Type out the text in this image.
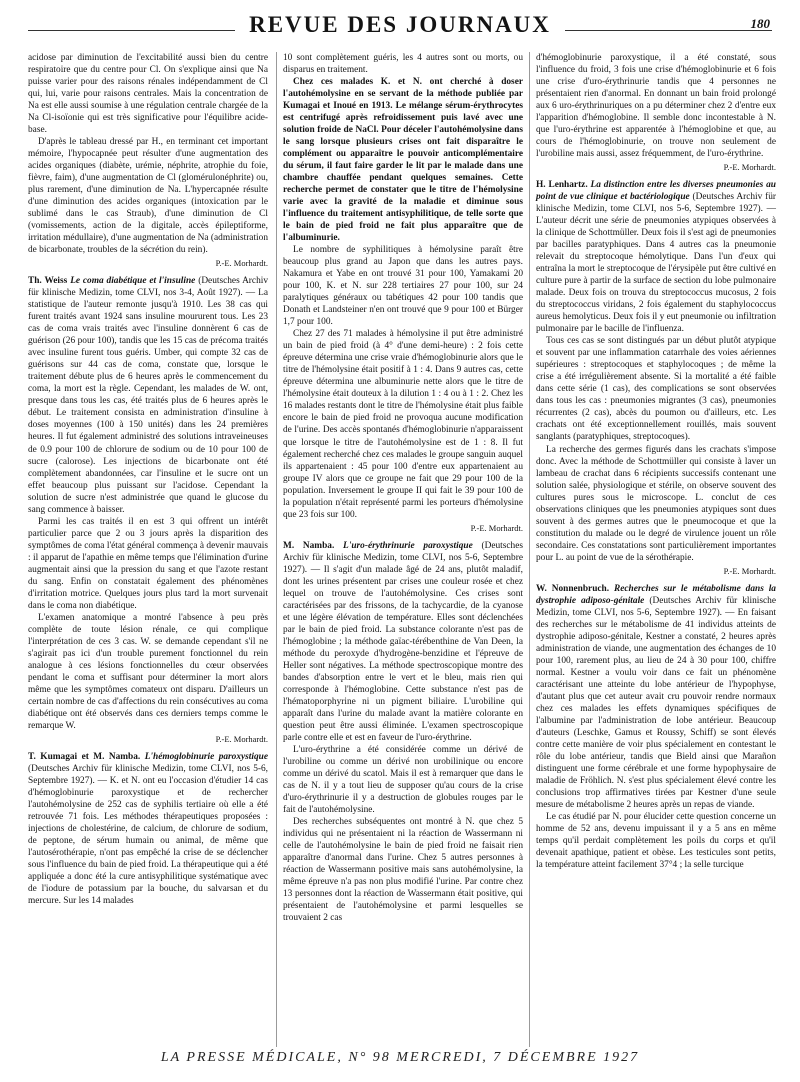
REVUE DES JOURNAUX	180

acidose par diminution de l'excitabilité aussi bien du centre respiratoire que du centre pour Cl. On s'explique ainsi que Na puisse varier pour des raisons rénales indépendamment de Cl qui, lui, varie pour raisons centrales. Mais la concentration de Na est elle aussi soumise à une régulation centrale chargée de la Na Cl-isoïonie qui est très significative pour l'équilibre acide-base.

D'après le tableau dressé par H., en terminant cet important mémoire, l'hypocapnée peut résulter d'une augmentation des acides organiques (diabète, urémie, néphrite, atrophie du foie, fièvre, faim), d'une augmentation de Cl (glomérulonéphrite) ou, plus rarement, d'une diminution de Na. L'hypercapnée résulte d'une diminution des acides organiques (intoxication par le sublimé dans le cas Straub), d'une diminution de Cl (vomissements, action de la digitale, accès épileptiforme, irritation médullaire), d'une augmentation de Na (administration de bicarbonate, troubles de la sécrétion du rein).

P.-E. Morhardt.

Th. Weiss Le coma diabétique et l'insuline (Deutsches Archiv für klinische Medizin, tome CLVI, nos 3-4, Août 1927). — La statistique de l'auteur remonte jusqu'à 1910. Les 38 cas qui furent traités avant 1924 sans insuline moururent tous. Les 23 cas de coma vrais traités avec l'insuline donnèrent 6 cas de guérison (26 pour 100), tandis que les 15 cas de précoma traités avec insuline furent tous guéris. Umber, qui compte 32 cas de guérisons sur 44 cas de coma, constate que, lorsque le traitement débute plus de 6 heures après le commencement du coma, la mort est la règle. Cependant, les malades de W. ont, presque dans tous les cas, été traités plus de 6 heures après le début. Le traitement consista en administration d'insuline à doses moyennes (100 à 150 unités) dans les 24 premières heures. Il fut également administré des solutions intraveineuses de 0.9 pour 100 de chlorure de sodium ou de 10 pour 100 de sucre (calorose). Les injections de bicarbonate ont été complètement abandonnées, car l'insuline et le sucre ont un effet beaucoup plus puissant sur l'acidose. Cependant la solution de sucre n'est administrée que quand le glucose du sang commence à baisser.

Parmi les cas traités il en est 3 qui offrent un intérêt particulier parce que 2 ou 3 jours après la disparition des symptômes de coma l'état général commença à devenir mauvais : il apparut de l'apathie en même temps que l'élimination d'urine augmentait ainsi que la pression du sang et que l'azote restant du sang. Enfin on constatait également des phénomènes d'irritation motrice. Quelques jours plus tard la mort survenait dans le coma non diabétique.

L'examen anatomique a montré l'absence à peu près complète de toute lésion rénale, ce qui complique l'interprétation de ces 3 cas. W. se demande cependant s'il ne s'agirait pas ici d'un trouble purement fonctionnel du rein analogue à ces lésions fonctionnelles du cœur observées pendant le coma et suffisant pour déterminer la mort alors même que les symptômes comateux ont disparu. D'ailleurs un certain nombre de cas d'affections du rein consécutives au coma diabétique ont été observés dans ces derniers temps comme le remarque W.

P.-E. Morhardt.

T. Kumagai et M. Namba. L'hémoglobinurie paroxystique (Deutsches Archiv für klinische Medizin, tome CLVI, nos 5-6, Septembre 1927). — K. et N. ont eu l'occasion d'étudier 14 cas d'hémoglobinurie paroxystique et de rechercher l'autohémolysine de 252 cas de syphilis tertiaire où elle a été retrouvée 71 fois. Les méthodes thérapeutiques proposées : injections de cholestérine, de calcium, de chlorure de sodium, de peptone, de sérum humain ou animal, de même que l'autosérothérapie, n'ont pas empêché la crise de se déclencher sous l'influence du bain de pied froid. La thérapeutique qui a été appliquée a donc été la cure antisyphilitique systématique avec de l'iodure de potassium par la bouche, du salvarsan et du mercure. Sur les 14 malades

10 sont complètement guéris, les 4 autres sont ou morts, ou disparus en traitement.

Chez ces malades K. et N. ont cherché à doser l'autohémolysine en se servant de la méthode publiée par Kumagai et Inoué en 1913. Le mélange sérum-érythrocytes est centrifugé après refroidissement puis lavé avec une solution froide de NaCl. Pour déceler l'autohémolysine dans le sang lorsque plusieurs crises ont fait disparaître le complément ou apparaître le pouvoir anticomplémentaire du sérum, il faut faire garder le lit par le malade dans une chambre chauffée pendant quelques semaines. Cette recherche permet de constater que le titre de l'hémolysine varie avec la gravité de la maladie et diminue sous l'influence du traitement antisyphilitique, de telle sorte que le bain de pied froid ne fait plus apparaître que de l'albuminurie.

Le nombre de syphilitiques à hémolysine paraît être beaucoup plus grand au Japon que dans les autres pays. Nakamura et Yabe en ont trouvé 31 pour 100, Yamakami 20 pour 100, K. et N. sur 228 tertiaires 27 pour 100, sur 24 paralytiques généraux ou tabétiques 42 pour 100 tandis que Donath et Landsteiner n'en ont trouvé que 9 pour 100 et Bürger 1,7 pour 100.

Chez 27 des 71 malades à hémolysine il put être administré un bain de pied froid (à 4° d'une demi-heure) : 2 fois cette épreuve détermina une crise vraie d'hémoglobinurie alors que le titre de l'hémolysine était positif à 1 : 4. Dans 9 autres cas, cette épreuve détermina une albuminurie nette alors que le titre de l'hémolysine était douteux à la dilution 1 : 4 ou à 1 : 2. Chez les 16 malades restants dont le titre de l'hémolysine était plus faible encore le bain de pied froid ne provoqua aucune modification de l'urine. Des accès spontanés d'hémoglobinurie n'apparaissent que lorsque le titre de l'autohémolysine est de 1 : 8. Il fut également recherché chez ces malades le groupe sanguin auquel ils appartenaient : 45 pour 100 d'entre eux appartenaient au groupe IV alors que ce groupe ne fait que 29 pour 100 de la population. Inversement le groupe II qui fait le 39 pour 100 de la population n'était représenté parmi les porteurs d'hémolysine que 23 fois sur 100.

P.-E. Morhardt.

M. Namba. L'uro-érythrinurie paroxystique (Deutsches Archiv für klinische Medizin, tome CLVI, nos 5-6, Septembre 1927). — Il s'agit d'un malade âgé de 24 ans, plutôt maladif, dont les urines présentent par crises une couleur rosée et chez lequel on trouve de l'autohémolysine. Ces crises sont caractérisées par des frissons, de la tachycardie, de la cyanose et une légère élévation de température. Elles sont déclenchées par le bain de pied froid. La substance colorante n'est pas de l'hémoglobine ; la méthode gaïac-térébenthine de Van Deen, la méthode du peroxyde d'hydrogène-benzidine et l'épreuve de Heller sont négatives. La méthode spectroscopique montre des bandes d'absorption entre le vert et le bleu, mais rien qui corresponde à l'hémoglobine. Cette substance n'est pas de l'hématoporphyrine ni un pigment biliaire. L'urobiline qui apparaît dans l'urine du malade avant la matière colorante en question peut être aussi éliminée. L'examen spectroscopique parle contre elle et est en faveur de l'uro-érythrine.

L'uro-érythrine a été considérée comme un dérivé de l'urobiline ou comme un dérivé non urobilinique ou encore comme un dérivé du scatol. Mais il est à remarquer que dans le cas de N. il y a tout lieu de supposer qu'au cours de la crise d'uro-érythrinurie il y a destruction de globules rouges par le fait de l'autohémolysine.

Des recherches subséquentes ont montré à N. que chez 5 individus qui ne présentaient ni la réaction de Wassermann ni celle de l'autohémolysine le bain de pied froid ne faisait rien apparaître d'anormal dans l'urine. Chez 5 autres personnes à réaction de Wassermann positive mais sans autohémolysine, la même épreuve n'a pas non plus modifié l'urine. Par contre chez 13 personnes dont la réaction de Wassermann était positive, qui présentaient de l'autohémolysine et parmi lesquelles se trouvaient 2 cas

d'hémoglobinurie paroxystique, il a été constaté, sous l'influence du froid, 3 fois une crise d'hémoglobinurie et 6 fois une crise d'uro-érythrinurie tandis que 4 personnes ne présentaient rien d'anormal. En donnant un bain froid prolongé aux 6 uro-érythrinuriques on a pu déterminer chez 2 d'entre eux l'apparition d'hémoglobine. Il semble donc incontestable à N. que l'uro-érythrine est apparentée à l'hémoglobine et que, au cours de l'hémoglobinurie, on trouve non seulement de l'urobiline mais aussi, assez fréquemment, de l'uro-érythrine.

P.-E. Morhardt.

H. Lenhartz. La distinction entre les diverses pneumonies au point de vue clinique et bactériologique (Deutsches Archiv für klinische Medizin, tome CLVI, nos 5-6, Septembre 1927). — L'auteur décrit une série de pneumonies atypiques observées à la clinique de Schottmüller. Deux fois il s'est agi de pneumonies par bacilles paratyphiques. Dans 4 autres cas la pneumonie relevait du streptocoque hémolytique. Dans l'un d'eux qui entraîna la mort le streptocoque de l'érysipèle put être cultivé en culture pure à partir de la surface de section du lobe pulmonaire malade. Deux fois on trouva du streptococcus mucosus, 2 fois du streptococcus viridans, 2 fois également du staphylococcus aureus hemolyticus. Deux fois il y eut pneumonie ou infiltration pulmonaire par le bacille de l'influenza.

Tous ces cas se sont distingués par un début plutôt atypique et souvent par une inflammation catarrhale des voies aériennes supérieures : streptocoques et staphylocoques ; de même la crise a été irrégulièrement absente. Si la mortalité a été faible dans cette série (1 cas), des complications se sont observées dans tous les cas : pneumonies migrantes (3 cas), pneumonies récurrentes (2 cas), abcès du poumon ou d'ailleurs, etc. Les crachats ont été exceptionnellement rouillés, mais souvent sanglants (paratyphiques, streptocoques).

La recherche des germes figurés dans les crachats s'impose donc. Avec la méthode de Schottmüller qui consiste à laver un lambeau de crachat dans 6 récipients successifs contenant une solution salée, physiologique et stérile, on observe souvent des cultures pures sous le microscope. L. conclut de ces observations cliniques que les pneumonies atypiques sont dues souvent à des germes autres que le pneumocoque et que la constitution du malade ou le degré de virulence jouent un rôle secondaire. Ces constatations sont particulièrement importantes pour L. au point de vue de la sérothérapie.

P.-E. Morhardt.

W. Nonnenbruch. Recherches sur le métabolisme dans la dystrophie adiposo-génitale (Deutsches Archiv für klinische Medizin, tome CLVI, nos 5-6, Septembre 1927). — En faisant des recherches sur le métabolisme de 41 individus atteints de dystrophie adiposo-génitale, Kestner a constaté, 2 heures après administration de viande, une augmentation des échanges de 10 pour 100, rarement plus, au lieu de 24 à 30 pour 100, chiffre normal. Kestner a voulu voir dans ce fait un phénomène caractérisant une atteinte du lobe antérieur de l'hypophyse, d'autant plus que cet auteur avait cru pouvoir rendre normaux chez ces malades les effets dynamiques spécifiques de l'albumine par l'administration de lobe antérieur. Beaucoup d'auteurs (Leschke, Gamus et Roussy, Schiff) se sont élevés contre cette manière de voir plus spécialement en contestant le rôle du lobe antérieur, tandis que Bield ainsi que Marañon distinguent une forme cérébrale et une forme hypophysaire de maladie de Fröhlich. N. s'est plus spécialement élevé contre les conclusions trop affirmatives tirées par Kestner d'une seule mesure de métabolisme 2 heures après un repas de viande.

Le cas étudié par N. pour élucider cette question concerne un homme de 52 ans, devenu impuissant il y a 5 ans en même temps qu'il perdait complètement les poils du corps et qu'il devenait apathique, patient et obèse. Les testicules sont petits, la température atteint facilement 37°4 ; la selle turcique

LA PRESSE MÉDICALE, N° 98 MERCREDI, 7 DÉCEMBRE 1927
